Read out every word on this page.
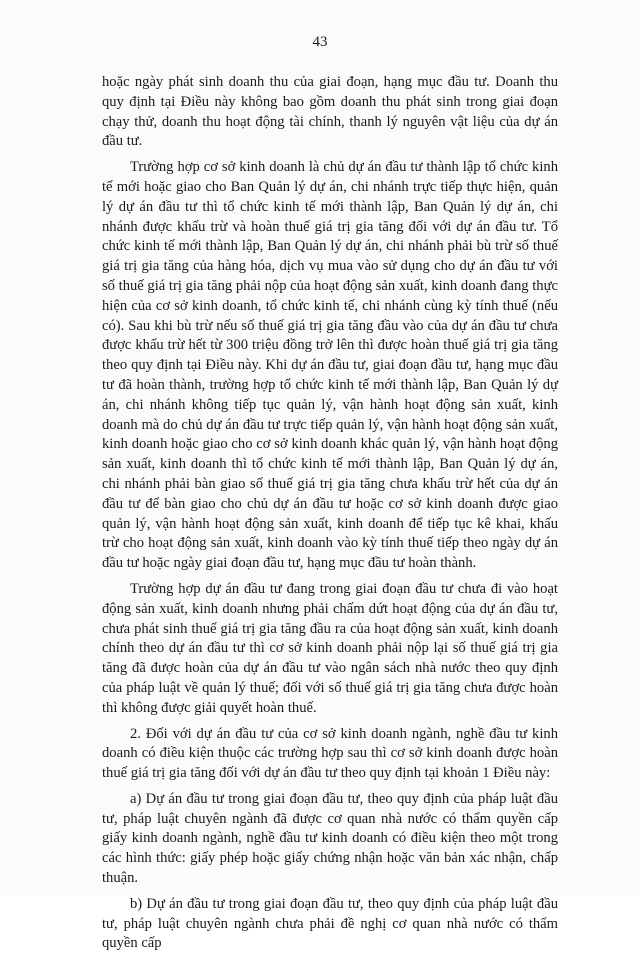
43

hoặc ngày phát sinh doanh thu của giai đoạn, hạng mục đầu tư. Doanh thu quy định tại Điều này không bao gồm doanh thu phát sinh trong giai đoạn chạy thử, doanh thu hoạt động tài chính, thanh lý nguyên vật liệu của dự án đầu tư.

Trường hợp cơ sở kinh doanh là chủ dự án đầu tư thành lập tổ chức kinh tế mới hoặc giao cho Ban Quản lý dự án, chi nhánh trực tiếp thực hiện, quản lý dự án đầu tư thì tổ chức kinh tế mới thành lập, Ban Quản lý dự án, chi nhánh được khấu trừ và hoàn thuế giá trị gia tăng đối với dự án đầu tư. Tổ chức kinh tế mới thành lập, Ban Quản lý dự án, chi nhánh phải bù trừ số thuế giá trị gia tăng của hàng hóa, dịch vụ mua vào sử dụng cho dự án đầu tư với số thuế giá trị gia tăng phải nộp của hoạt động sản xuất, kinh doanh đang thực hiện của cơ sở kinh doanh, tổ chức kinh tế, chi nhánh cùng kỳ tính thuế (nếu có). Sau khi bù trừ nếu số thuế giá trị gia tăng đầu vào của dự án đầu tư chưa được khấu trừ hết từ 300 triệu đồng trở lên thì được hoàn thuế giá trị gia tăng theo quy định tại Điều này. Khi dự án đầu tư, giai đoạn đầu tư, hạng mục đầu tư đã hoàn thành, trường hợp tổ chức kinh tế mới thành lập, Ban Quản lý dự án, chi nhánh không tiếp tục quản lý, vận hành hoạt động sản xuất, kinh doanh mà do chủ dự án đầu tư trực tiếp quản lý, vận hành hoạt động sản xuất, kinh doanh hoặc giao cho cơ sở kinh doanh khác quản lý, vận hành hoạt động sản xuất, kinh doanh thì tổ chức kinh tế mới thành lập, Ban Quản lý dự án, chi nhánh phải bàn giao số thuế giá trị gia tăng chưa khấu trừ hết của dự án đầu tư để bàn giao cho chủ dự án đầu tư hoặc cơ sở kinh doanh được giao quản lý, vận hành hoạt động sản xuất, kinh doanh để tiếp tục kê khai, khấu trừ cho hoạt động sản xuất, kinh doanh vào kỳ tính thuế tiếp theo ngày dự án đầu tư hoặc ngày giai đoạn đầu tư, hạng mục đầu tư hoàn thành.

Trường hợp dự án đầu tư đang trong giai đoạn đầu tư chưa đi vào hoạt động sản xuất, kinh doanh nhưng phải chấm dứt hoạt động của dự án đầu tư, chưa phát sinh thuế giá trị gia tăng đầu ra của hoạt động sản xuất, kinh doanh chính theo dự án đầu tư thì cơ sở kinh doanh phải nộp lại số thuế giá trị gia tăng đã được hoàn của dự án đầu tư vào ngân sách nhà nước theo quy định của pháp luật về quản lý thuế; đối với số thuế giá trị gia tăng chưa được hoàn thì không được giải quyết hoàn thuế.

2. Đối với dự án đầu tư của cơ sở kinh doanh ngành, nghề đầu tư kinh doanh có điều kiện thuộc các trường hợp sau thì cơ sở kinh doanh được hoàn thuế giá trị gia tăng đối với dự án đầu tư theo quy định tại khoản 1 Điều này:

a) Dự án đầu tư trong giai đoạn đầu tư, theo quy định của pháp luật đầu tư, pháp luật chuyên ngành đã được cơ quan nhà nước có thẩm quyền cấp giấy kinh doanh ngành, nghề đầu tư kinh doanh có điều kiện theo một trong các hình thức: giấy phép hoặc giấy chứng nhận hoặc văn bản xác nhận, chấp thuận.

b) Dự án đầu tư trong giai đoạn đầu tư, theo quy định của pháp luật đầu tư, pháp luật chuyên ngành chưa phải đề nghị cơ quan nhà nước có thẩm quyền cấp
